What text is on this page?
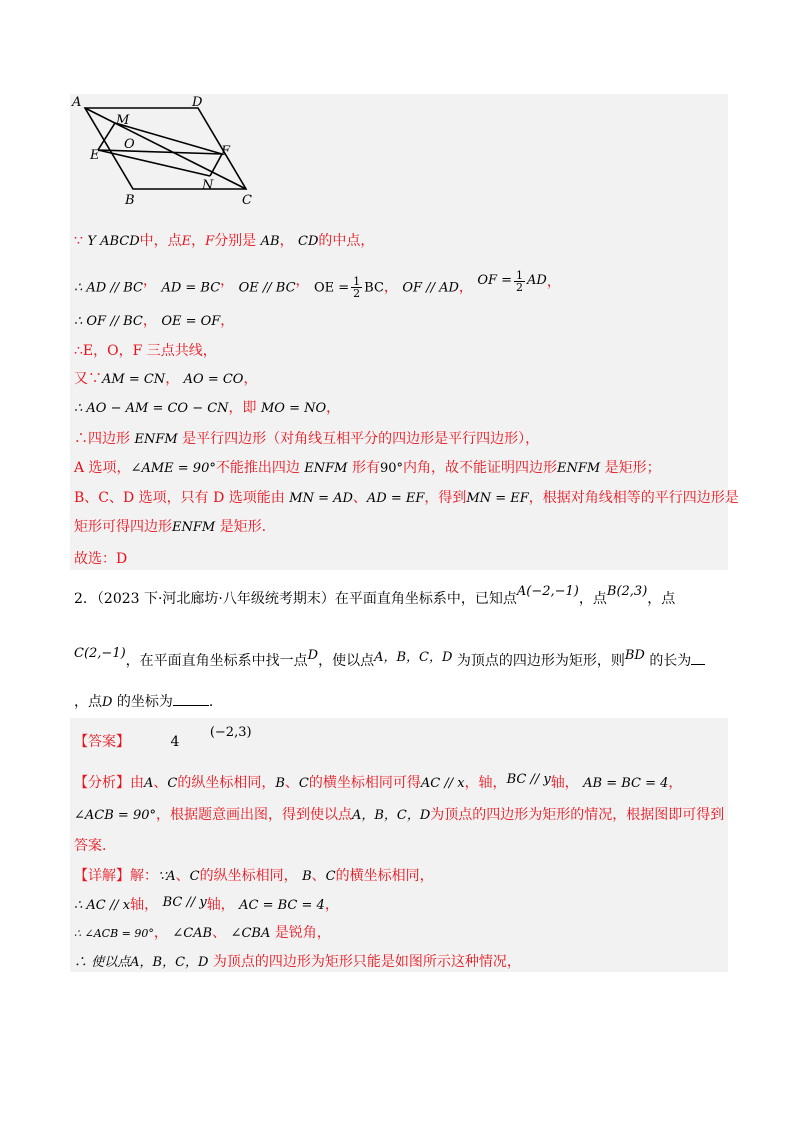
A	D
M
O
E	F
N
B	C
∵ Y ABCD中，点E，F分别是 AB， CD的中点，
∴ AD // BC， AD = BC， OE // BC， OE = $\frac{1}{2}$ BC， OF // AD， OF = $\frac{1}{2}$ AD，
∴ OF // BC， OE = OF，
∴E，O，F 三点共线，
又∵AM = CN， AO = CO，
∴ AO − AM = CO − CN，即 MO = NO，
∴四边形 ENFM 是平行四边形（对角线互相平分的四边形是平行四边形），
A 选项，∠AME = 90°不能推出四边 ENFM 形有90°内角，故不能证明四边形ENFM 是矩形；
B、C、D 选项，只有 D 选项能由 MN = AD、AD = EF，得到MN = EF，根据对角线相等的平行四边形是
矩形可得四边形ENFM 是矩形.
故选：D
2．（2023 下·河北廊坊·八年级统考期末）在平面直角坐标系中，已知点A(−2,−1)，点B(2,3)，点
C(2,−1)，在平面直角坐标系中找一点D，使以点A，B，C，D 为顶点的四边形为矩形，则BD 的长为
，点D 的坐标为	.
【答案】	4 (−2,3)
【分析】由A、C的纵坐标相同，B、C的横坐标相同可得AC // x，轴，BC // y轴， AB = BC = 4，
∠ACB = 90°，根据题意画出图，得到使以点A，B，C，D为顶点的四边形为矩形的情况，根据图即可得到
答案.
【详解】解：∵A、C的纵坐标相同， B、C的横坐标相同，
∴ AC // x轴， BC // y轴， AC = BC = 4，
∴ ∠ACB = 90°， ∠CAB、 ∠CBA 是锐角，
∴ 使以点A，B，C，D 为顶点的四边形为矩形只能是如图所示这种情况，
